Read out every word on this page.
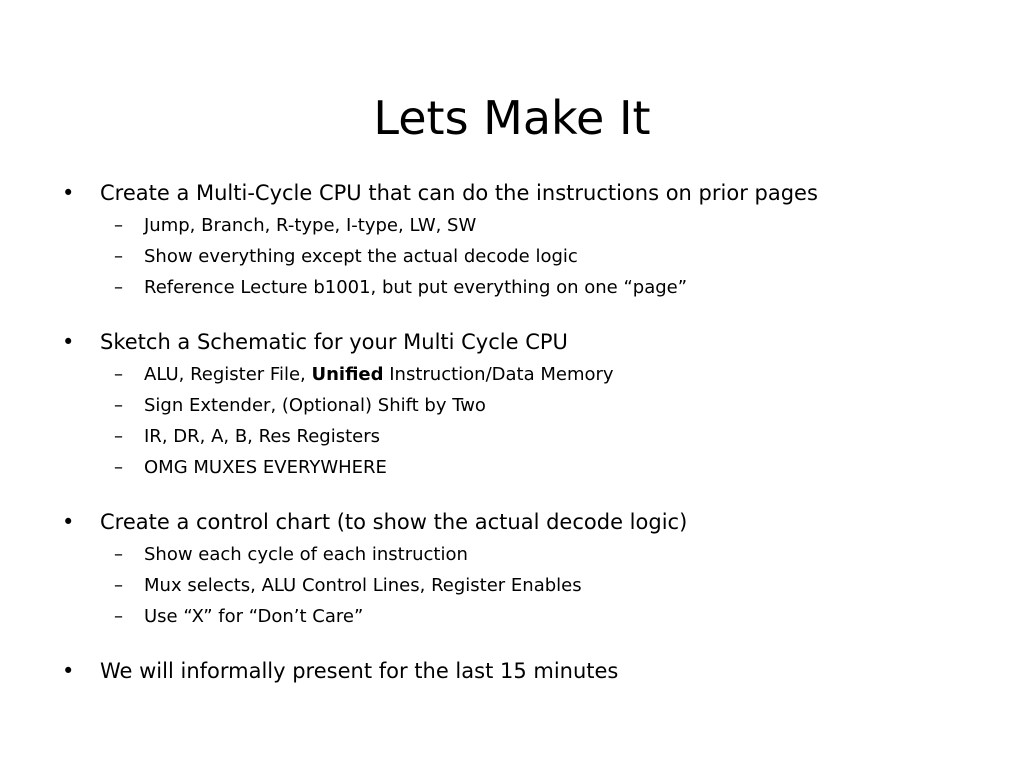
Lets Make It
•	Create a Multi-Cycle CPU that can do the instructions on prior pages
–	Jump, Branch, R-type, I-type, LW, SW
–	Show everything except the actual decode logic
–	Reference Lecture b1001, but put everything on one “page”
•	Sketch a Schematic for your Multi Cycle CPU
–	ALU, Register File, Unified Instruction/Data Memory
–	Sign Extender, (Optional) Shift by Two
–	IR, DR, A, B, Res Registers
–	OMG MUXES EVERYWHERE
•	Create a control chart (to show the actual decode logic)
–	Show each cycle of each instruction
–	Mux selects, ALU Control Lines, Register Enables
–	Use “X” for “Don’t Care”
•	We will informally present for the last 15 minutes
